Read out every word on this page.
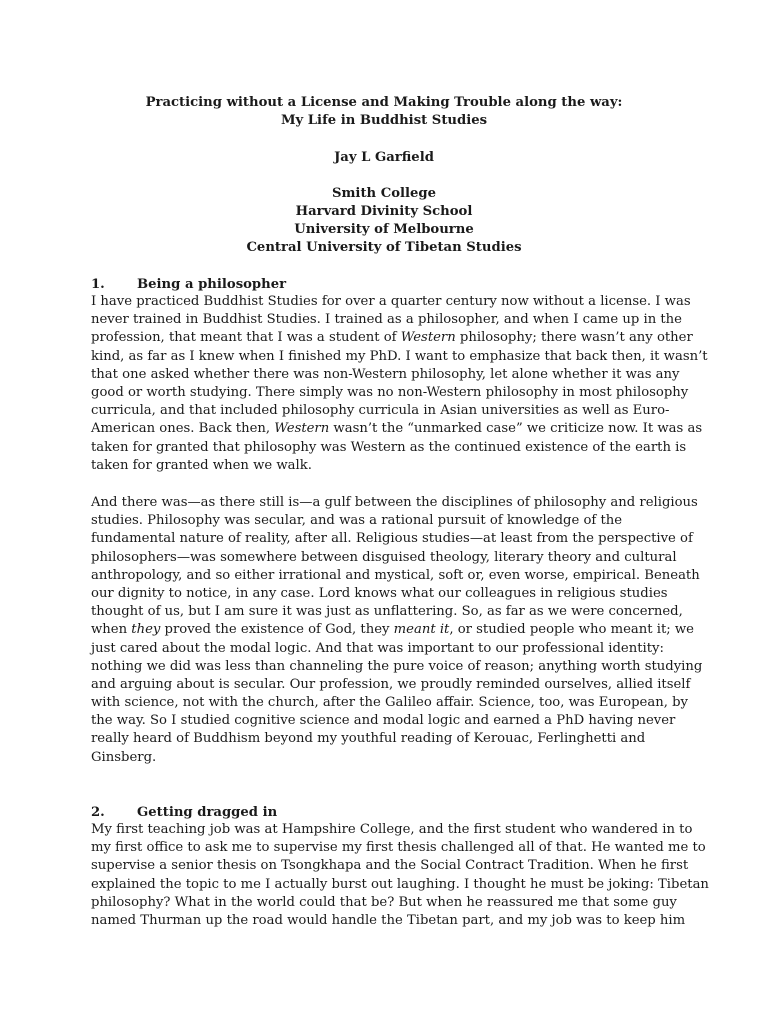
Practicing without a License and Making Trouble along the way:
My Life in Buddhist Studies
Jay L Garfield
Smith College
Harvard Divinity School
University of Melbourne
Central University of Tibetan Studies
1. Being a philosopher
I have practiced Buddhist Studies for over a quarter century now without a license. I was
never trained in Buddhist Studies. I trained as a philosopher, and when I came up in the
profession, that meant that I was a student of Western philosophy; there wasn’t any other
kind, as far as I knew when I finished my PhD. I want to emphasize that back then, it wasn’t
that one asked whether there was non-Western philosophy, let alone whether it was any
good or worth studying. There simply was no non-Western philosophy in most philosophy
curricula, and that included philosophy curricula in Asian universities as well as Euro-
American ones. Back then, Western wasn’t the “unmarked case” we criticize now. It was as
taken for granted that philosophy was Western as the continued existence of the earth is
taken for granted when we walk.
And there was—as there still is—a gulf between the disciplines of philosophy and religious
studies. Philosophy was secular, and was a rational pursuit of knowledge of the
fundamental nature of reality, after all. Religious studies—at least from the perspective of
philosophers—was somewhere between disguised theology, literary theory and cultural
anthropology, and so either irrational and mystical, soft or, even worse, empirical. Beneath
our dignity to notice, in any case. Lord knows what our colleagues in religious studies
thought of us, but I am sure it was just as unflattering. So, as far as we were concerned,
when they proved the existence of God, they meant it, or studied people who meant it; we
just cared about the modal logic. And that was important to our professional identity:
nothing we did was less than channeling the pure voice of reason; anything worth studying
and arguing about is secular. Our profession, we proudly reminded ourselves, allied itself
with science, not with the church, after the Galileo affair. Science, too, was European, by
the way. So I studied cognitive science and modal logic and earned a PhD having never
really heard of Buddhism beyond my youthful reading of Kerouac, Ferlinghetti and
Ginsberg.
2. Getting dragged in
My first teaching job was at Hampshire College, and the first student who wandered in to
my first office to ask me to supervise my first thesis challenged all of that. He wanted me to
supervise a senior thesis on Tsongkhapa and the Social Contract Tradition. When he first
explained the topic to me I actually burst out laughing. I thought he must be joking: Tibetan
philosophy? What in the world could that be? But when he reassured me that some guy
named Thurman up the road would handle the Tibetan part, and my job was to keep him
